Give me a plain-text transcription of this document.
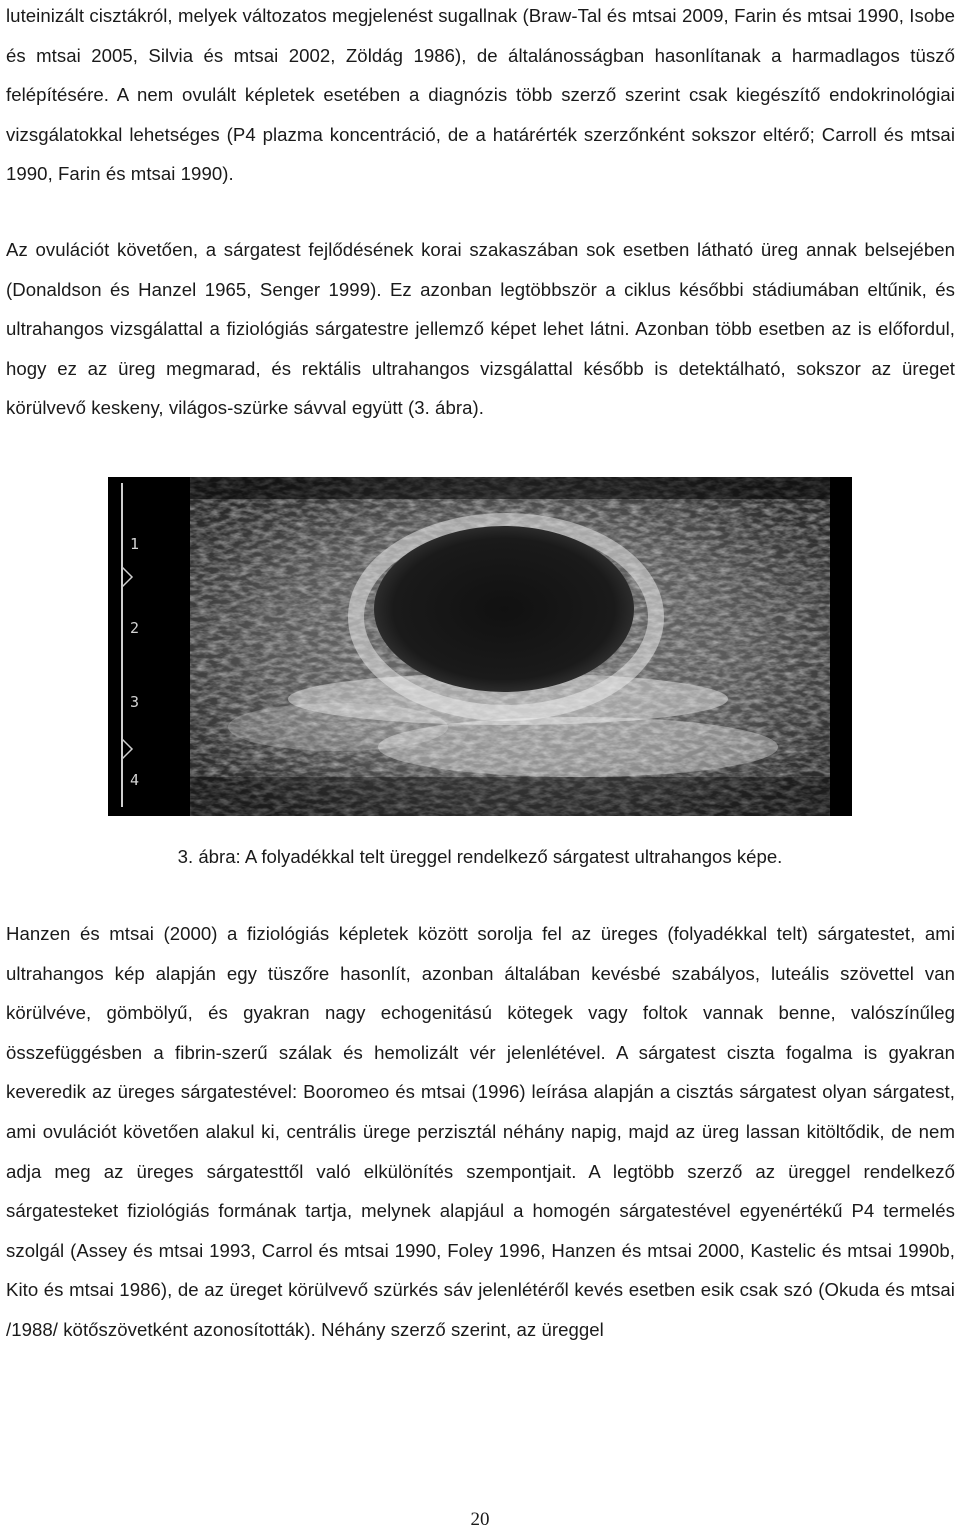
luteinizált cisztákról, melyek változatos megjelenést sugallnak (Braw-Tal és mtsai 2009, Farin és mtsai 1990, Isobe és mtsai 2005, Silvia és mtsai 2002, Zöldág 1986), de általánosságban hasonlítanak a harmadlagos tüsző felépítésére. A nem ovulált képletek esetében a diagnózis több szerző szerint csak kiegészítő endokrinológiai vizsgálatokkal lehetséges (P4 plazma koncentráció, de a határérték szerzőnként sokszor eltérő; Carroll és mtsai 1990, Farin és mtsai 1990).

Az ovulációt követően, a sárgatest fejlődésének korai szakaszában sok esetben látható üreg annak belsejében (Donaldson és Hanzel 1965, Senger 1999). Ez azonban legtöbbször a ciklus későbbi stádiumában eltűnik, és ultrahangos vizsgálattal a fiziológiás sárgatestre jellemző képet lehet látni. Azonban több esetben az is előfordul, hogy ez az üreg megmarad, és rektális ultrahangos vizsgálattal később is detektálható, sokszor az üreget körülvevő keskeny, világos-szürke sávval együtt (3. ábra).

1
2
3
4

3. ábra: A folyadékkal telt üreggel rendelkező sárgatest ultrahangos képe.

Hanzen és mtsai (2000) a fiziológiás képletek között sorolja fel az üreges (folyadékkal telt) sárgatestet, ami ultrahangos kép alapján egy tüszőre hasonlít, azonban általában kevésbé szabályos, luteális szövettel van körülvéve, gömbölyű, és gyakran nagy echogenitású kötegek vagy foltok vannak benne, valószínűleg összefüggésben a fibrin-szerű szálak és hemolizált vér jelenlétével. A sárgatest ciszta fogalma is gyakran keveredik az üreges sárgatestével: Booromeo és mtsai (1996) leírása alapján a cisztás sárgatest olyan sárgatest, ami ovulációt követően alakul ki, centrális ürege perzisztál néhány napig, majd az üreg lassan kitöltődik, de nem adja meg az üreges sárgatesttől való elkülönítés szempontjait. A legtöbb szerző az üreggel rendelkező sárgatesteket fiziológiás formának tartja, melynek alapjául a homogén sárgatestével egyenértékű P4 termelés szolgál (Assey és mtsai 1993, Carrol és mtsai 1990, Foley 1996, Hanzen és mtsai 2000, Kastelic és mtsai 1990b, Kito és mtsai 1986), de az üreget körülvevő szürkés sáv jelenlétéről kevés esetben esik csak szó (Okuda és mtsai /1988/ kötőszövetként azonosították). Néhány szerző szerint, az üreggel

20
